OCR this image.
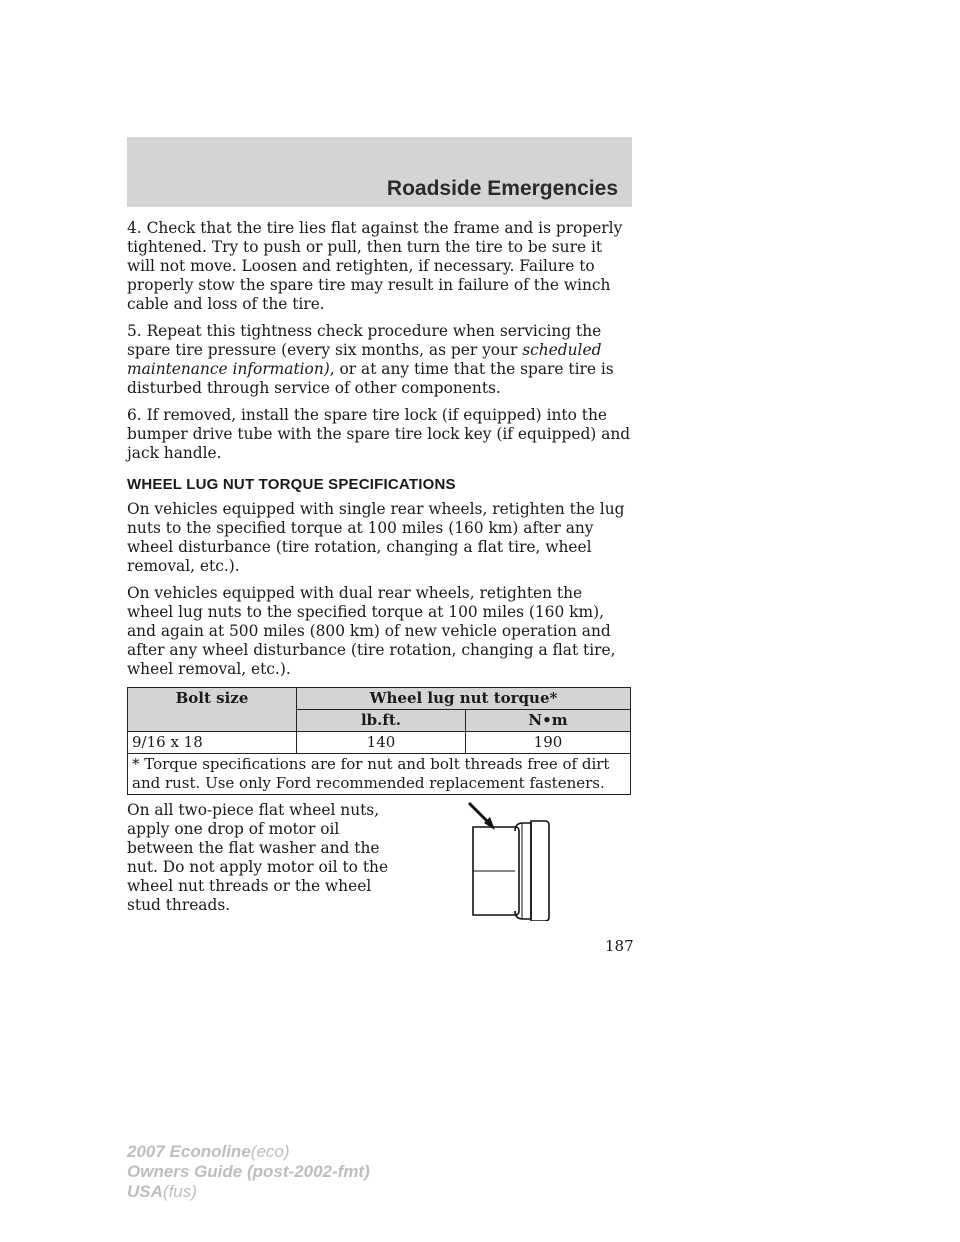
Roadside Emergencies

4. Check that the tire lies flat against the frame and is properly tightened. Try to push or pull, then turn the tire to be sure it will not move. Loosen and retighten, if necessary. Failure to properly stow the spare tire may result in failure of the winch cable and loss of the tire.

5. Repeat this tightness check procedure when servicing the spare tire pressure (every six months, as per your scheduled maintenance information), or at any time that the spare tire is disturbed through service of other components.

6. If removed, install the spare tire lock (if equipped) into the bumper drive tube with the spare tire lock key (if equipped) and jack handle.

WHEEL LUG NUT TORQUE SPECIFICATIONS

On vehicles equipped with single rear wheels, retighten the lug nuts to the specified torque at 100 miles (160 km) after any wheel disturbance (tire rotation, changing a flat tire, wheel removal, etc.).

On vehicles equipped with dual rear wheels, retighten the wheel lug nuts to the specified torque at 100 miles (160 km), and again at 500 miles (800 km) of new vehicle operation and after any wheel disturbance (tire rotation, changing a flat tire, wheel removal, etc.).

Bolt size	Wheel lug nut torque*	
	lb.ft.	N•m
9/16 x 18	140	190
* Torque specifications are for nut and bolt threads free of dirt and rust. Use only Ford recommended replacement fasteners.		
On all two-piece flat wheel nuts, apply one drop of motor oil between the flat washer and the nut. Do not apply motor oil to the wheel nut threads or the wheel stud threads.
187
2007 Econoline(eco)
Owners Guide (post-2002-fmt)
USA(fus)
